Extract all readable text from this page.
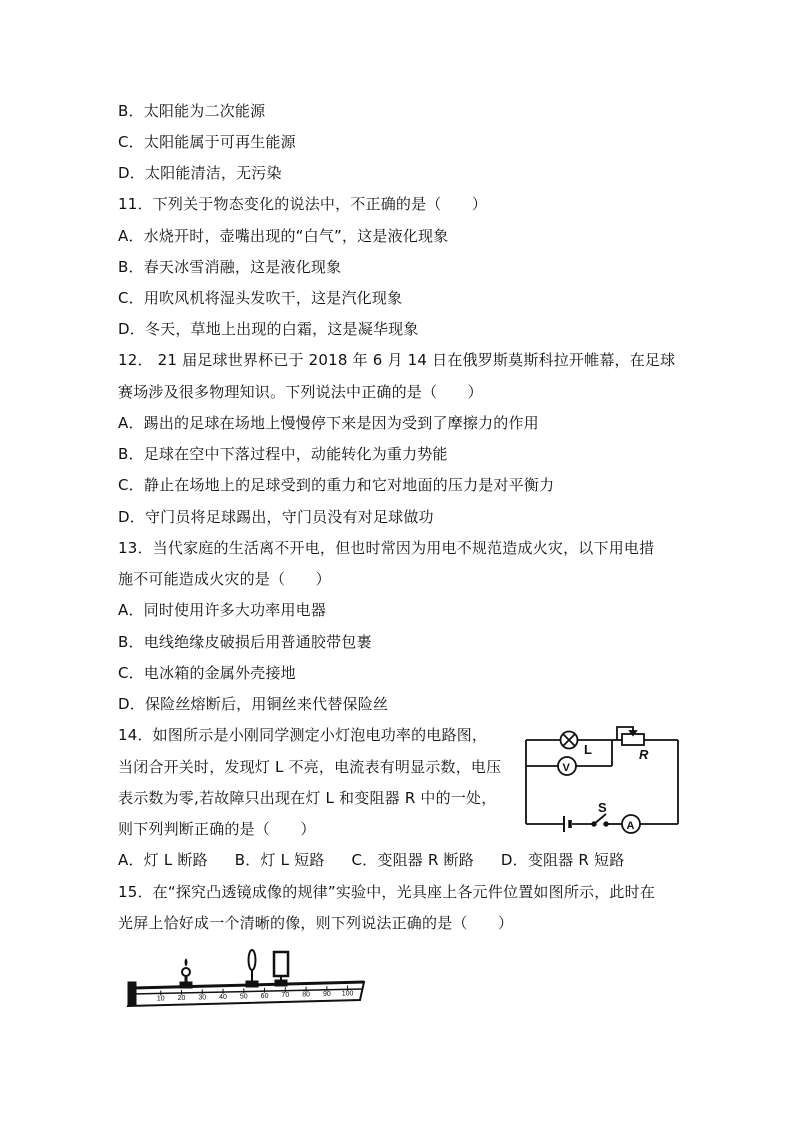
B．太阳能为二次能源
C．太阳能属于可再生能源
D．太阳能清洁，无污染
11．下列关于物态变化的说法中，不正确的是（　　）
A．水烧开时，壶嘴出现的“白气”，这是液化现象
B．春天冰雪消融，这是液化现象
C．用吹风机将湿头发吹干，这是汽化现象
D．冬天，草地上出现的白霜，这是凝华现象
12． 21 届足球世界杯已于 2018 年 6 月 14 日在俄罗斯莫斯科拉开帷幕，在足球
赛场涉及很多物理知识。下列说法中正确的是（　　）
A．踢出的足球在场地上慢慢停下来是因为受到了摩擦力的作用
B．足球在空中下落过程中，动能转化为重力势能
C．静止在场地上的足球受到的重力和它对地面的压力是对平衡力
D．守门员将足球踢出，守门员没有对足球做功
13．当代家庭的生活离不开电，但也时常因为用电不规范造成火灾，以下用电措
施不可能造成火灾的是（　　）
A．同时使用许多大功率用电器
B．电线绝缘皮破损后用普通胶带包裹
C．电冰箱的金属外壳接地
D．保险丝熔断后，用铜丝来代替保险丝
14．如图所示是小刚同学测定小灯泡电功率的电路图，
当闭合开关时，发现灯 L 不亮，电流表有明显示数，电压
表示数为零,若故障只出现在灯 L 和变阻器 R 中的一处，
则下列判断正确的是（　　）
A．灯 L 断路 B．灯 L 短路 C．变阻器 R 断路 D．变阻器 R 短路
L	R
S
V
A
15．在“探究凸透镜成像的规律”实验中，光具座上各元件位置如图所示，此时在
光屏上恰好成一个清晰的像，则下列说法正确的是（　　）
10 20 30 40 50 60 70 80 90 100
